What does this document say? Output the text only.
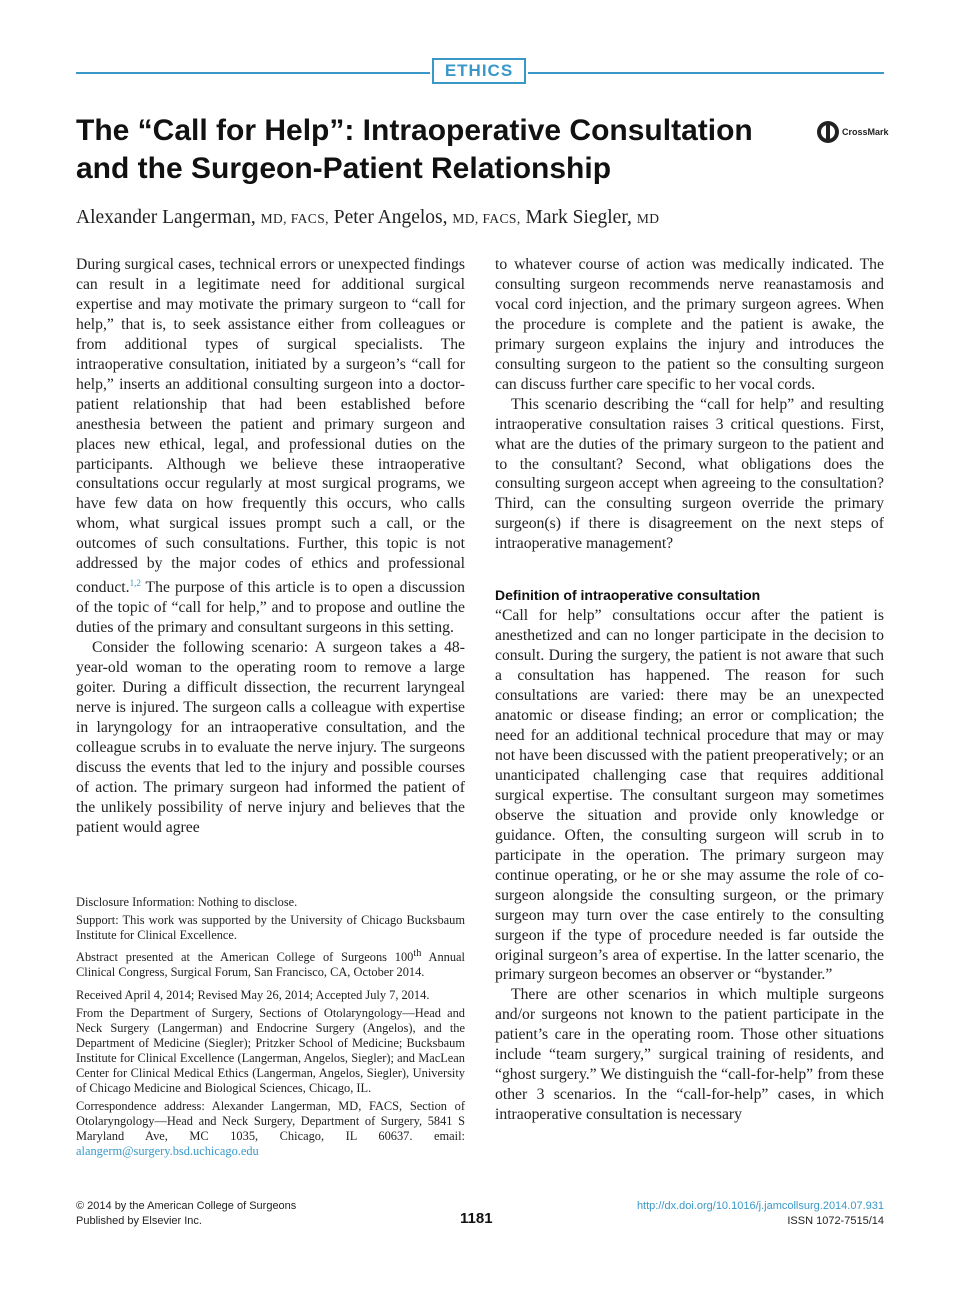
ETHICS
The “Call for Help”: Intraoperative Consultation and the Surgeon-Patient Relationship
CrossMark

Alexander Langerman, MD, FACS, Peter Angelos, MD, FACS, Mark Siegler, MD

During surgical cases, technical errors or unexpected findings can result in a legitimate need for additional surgical expertise and may motivate the primary surgeon to “call for help,” that is, to seek assistance either from colleagues or from additional types of surgical specialists. The intraoperative consultation, initiated by a surgeon’s “call for help,” inserts an additional consulting surgeon into a doctor-patient relationship that had been established before anesthesia between the patient and primary surgeon and places new ethical, legal, and professional duties on the participants. Although we believe these intraoperative consultations occur regularly at most surgical programs, we have few data on how frequently this occurs, who calls whom, what surgical issues prompt such a call, or the outcomes of such consultations. Further, this topic is not addressed by the major codes of ethics and professional conduct.$^{1,2}$ The purpose of this article is to open a discussion of the topic of “call for help,” and to propose and outline the duties of the primary and consultant surgeons in this setting.

Consider the following scenario: A surgeon takes a 48-year-old woman to the operating room to remove a large goiter. During a difficult dissection, the recurrent laryngeal nerve is injured. The surgeon calls a colleague with expertise in laryngology for an intraoperative consultation, and the colleague scrubs in to evaluate the nerve injury. The surgeons discuss the events that led to the injury and possible courses of action. The primary surgeon had informed the patient of the unlikely possibility of nerve injury and believes that the patient would agree

Disclosure Information: Nothing to disclose.

Support: This work was supported by the University of Chicago Bucksbaum Institute for Clinical Excellence.

Abstract presented at the American College of Surgeons 100th Annual Clinical Congress, Surgical Forum, San Francisco, CA, October 2014.

Received April 4, 2014; Revised May 26, 2014; Accepted July 7, 2014.

From the Department of Surgery, Sections of Otolaryngology—Head and Neck Surgery (Langerman) and Endocrine Surgery (Angelos), and the Department of Medicine (Siegler); Pritzker School of Medicine; Bucksbaum Institute for Clinical Excellence (Langerman, Angelos, Siegler); and MacLean Center for Clinical Medical Ethics (Langerman, Angelos, Siegler), University of Chicago Medicine and Biological Sciences, Chicago, IL.

Correspondence address: Alexander Langerman, MD, FACS, Section of Otolaryngology—Head and Neck Surgery, Department of Surgery, 5841 S Maryland Ave, MC 1035, Chicago, IL 60637. email: alangerm@surgery.bsd.uchicago.edu

to whatever course of action was medically indicated. The consulting surgeon recommends nerve reanastamosis and vocal cord injection, and the primary surgeon agrees. When the procedure is complete and the patient is awake, the primary surgeon explains the injury and introduces the consulting surgeon to the patient so the consulting surgeon can discuss further care specific to her vocal cords.

This scenario describing the “call for help” and resulting intraoperative consultation raises 3 critical questions. First, what are the duties of the primary surgeon to the patient and to the consultant? Second, what obligations does the consulting surgeon accept when agreeing to the consultation? Third, can the consulting surgeon override the primary surgeon(s) if there is disagreement on the next steps of intraoperative management?

Definition of intraoperative consultation

“Call for help” consultations occur after the patient is anesthetized and can no longer participate in the decision to consult. During the surgery, the patient is not aware that such a consultation has happened. The reason for such consultations are varied: there may be an unexpected anatomic or disease finding; an error or complication; the need for an additional technical procedure that may or may not have been discussed with the patient preoperatively; or an unanticipated challenging case that requires additional surgical expertise. The consultant surgeon may sometimes observe the situation and provide only knowledge or guidance. Often, the consulting surgeon will scrub in to participate in the operation. The primary surgeon may continue operating, or he or she may assume the role of co-surgeon alongside the consulting surgeon, or the primary surgeon may turn over the case entirely to the consulting surgeon if the type of procedure needed is far outside the original surgeon’s area of expertise. In the latter scenario, the primary surgeon becomes an observer or “bystander.”

There are other scenarios in which multiple surgeons and/or surgeons not known to the patient participate in the patient’s care in the operating room. Those other situations include “team surgery,” surgical training of residents, and “ghost surgery.” We distinguish the “call-for-help” from these other 3 scenarios. In the “call-for-help” cases, in which intraoperative consultation is necessary

© 2014 by the American College of Surgeons
Published by Elsevier Inc.	1181
http://dx.doi.org/10.1016/j.jamcollsurg.2014.07.931
ISSN 1072-7515/14
